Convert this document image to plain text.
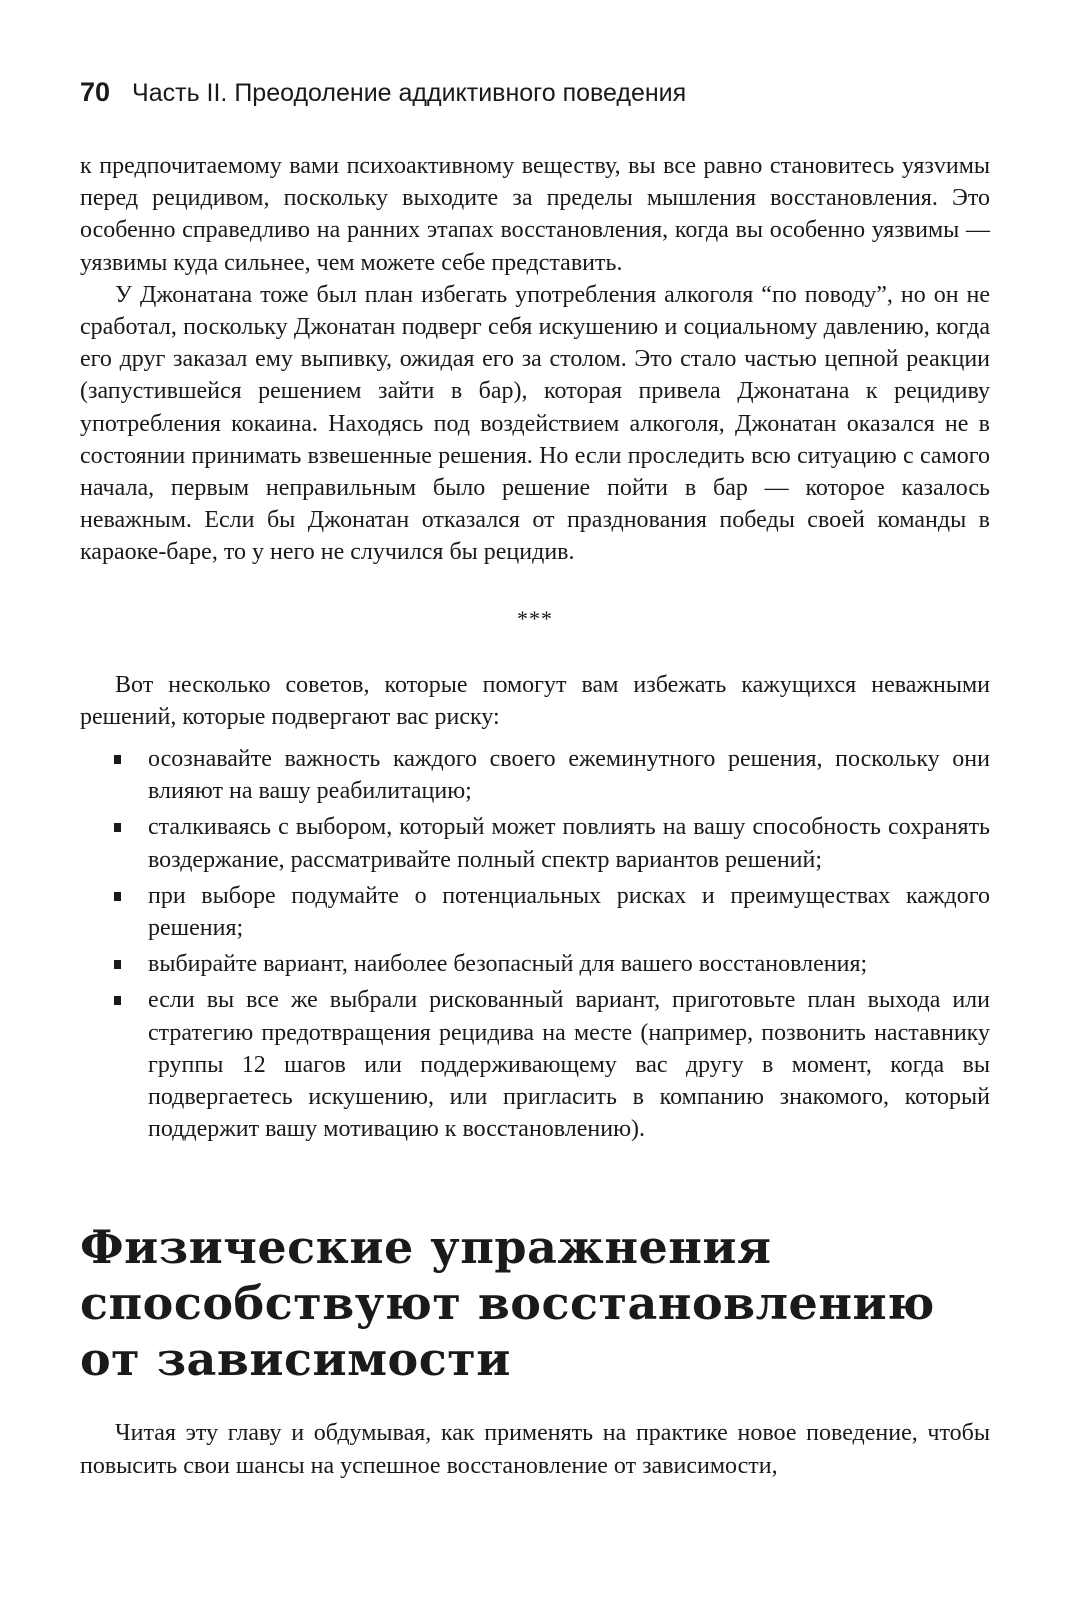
70 Часть II. Преодоление аддиктивного поведения

к предпочитаемому вами психоактивному веществу, вы все равно становитесь уязvимы перед рецидивом, поскольку выходите за пределы мышления восстановления. Это особенно справедливо на ранних этапах восстановления, когда вы особенно уязвимы — уязвимы куда сильнее, чем можете себе представить.

У Джонатана тоже был план избегать употребления алкоголя “по поводу”, но он не сработал, поскольку Джонатан подверг себя искушению и социальному давлению, когда его друг заказал ему выпивку, ожидая его за столом. Это стало частью цепной реакции (запустившейся решением зайти в бар), которая привела Джонатана к рецидиву употребления кокаина. Находясь под воздействием алкоголя, Джонатан оказался не в состоянии принимать взвешенные решения. Но если проследить всю ситуацию с самого начала, первым неправильным было решение пойти в бар — которое казалось неважным. Если бы Джонатан отказался от празднования победы своей команды в караоке-баре, то у него не случился бы рецидив.

***

Вот несколько советов, которые помогут вам избежать кажущихся неважными решений, которые подвергают вас риску:

осознавайте важность каждого своего ежеминутного решения, поскольку они влияют на вашу реабилитацию;
сталкиваясь с выбором, который может повлиять на вашу способность сохранять воздержание, рассматривайте полный спектр вариантов решений;
при выборе подумайте о потенциальных рисках и преимуществах каждого решения;
выбирайте вариант, наиболее безопасный для вашего восстановления;
если вы все же выбрали рискованный вариант, приготовьте план выхода или стратегию предотвращения рецидива на месте (например, позвонить наставнику группы 12 шагов или поддерживающему вас другу в момент, когда вы подвергаетесь искушению, или пригласить в компанию знакомого, который поддержит вашу мотивацию к восстановлению).
Физические упражнения
способствуют восстановлению
от зависимости

Читая эту главу и обдумывая, как применять на практике новое поведение, чтобы повысить свои шансы на успешное восстановление от зависимости,
